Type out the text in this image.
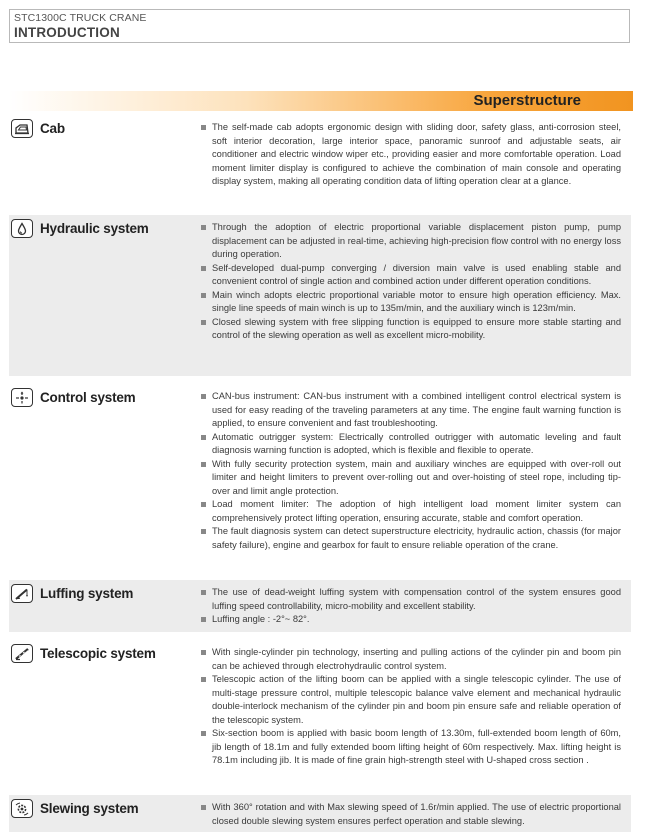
STC1300C TRUCK CRANE
INTRODUCTION
Superstructure
Cab	The self-made cab adopts ergonomic design with sliding door, safety glass, anti-corrosion steel, soft interior decoration, large interior space, panoramic sunroof and adjustable seats, air conditioner and electric window wiper etc., providing easier and more comfortable operation. Load moment limiter display is configured to achieve the combination of main console and operating display system, making all operating condition data of lifting operation clear at a glance.
Hydraulic system	Through the adoption of electric proportional variable displacement piston pump, pump displacement can be adjusted in real-time, achieving high-precision flow control with no energy loss during operation.
Self-developed dual-pump converging / diversion main valve is used enabling stable and convenient control of single action and combined action under different operation conditions.
Main winch adopts electric proportional variable motor to ensure high operation efficiency. Max. single line speeds of main winch is up to 135m/min, and the auxiliary winch is 123m/min.
Closed slewing system with free slipping function is equipped to ensure more stable starting and control of the slewing operation as well as excellent micro-mobility.
Control system	CAN-bus instrument: CAN-bus instrument with a combined intelligent control electrical system is used for easy reading of the traveling parameters at any time. The engine fault warning function is applied, to ensure convenient and fast troubleshooting.
Automatic outrigger system: Electrically controlled outrigger with automatic leveling and fault diagnosis warning function is adopted, which is flexible and flexible to operate.
With fully security protection system, main and auxiliary winches are equipped with over-roll out limiter and height limiters to prevent over-rolling out and over-hoisting of steel rope, including tip-over and limit angle protection.
Load moment limiter: The adoption of high intelligent load moment limiter system can comprehensively protect lifting operation, ensuring accurate, stable and comfort operation.
The fault diagnosis system can detect superstructure electricity, hydraulic action, chassis (for major safety failure), engine and gearbox for fault to ensure reliable operation of the crane.
Luffing system	The use of dead-weight luffing system with compensation control of the system ensures good luffing speed controllability, micro-mobility and excellent stability.
Luffing angle : -2°~ 82°.
Telescopic system	With single-cylinder pin technology, inserting and pulling actions of the cylinder pin and boom pin can be achieved through electrohydraulic control system.
Telescopic action of the lifting boom can be applied with a single telescopic cylinder. The use of multi-stage pressure control, multiple telescopic balance valve element and mechanical hydraulic double-interlock mechanism of the cylinder pin and boom pin ensure safe and reliable operation of the telescopic system.
Six-section boom is applied with basic boom length of 13.30m, full-extended boom length of 60m, jib length of 18.1m and fully extended boom lifting height of 60m respectively. Max. lifting height is 78.1m including jib. It is made of fine grain high-strength steel with U-shaped cross section .
Slewing system	With 360° rotation and with Max slewing speed of 1.6r/min applied. The use of electric proportional closed double slewing system ensures perfect operation and stable slewing.
